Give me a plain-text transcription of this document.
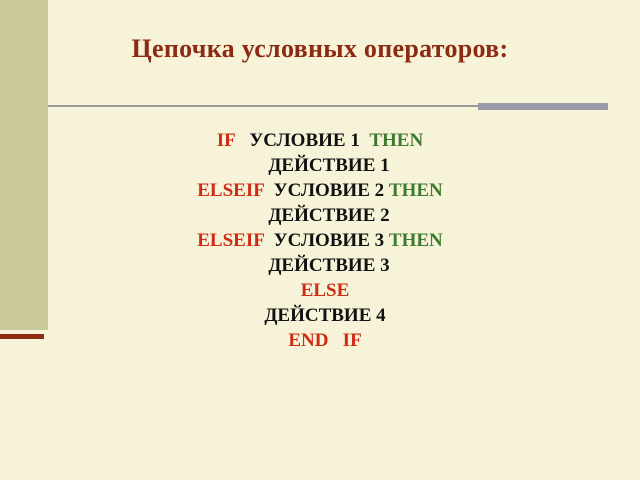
Цепочка условных операторов:
IF   УСЛОВИЕ 1  THEN
ДЕЙСТВИЕ 1
ELSEIF  УСЛОВИЕ 2 THEN
ДЕЙСТВИЕ 2
ELSEIF  УСЛОВИЕ 3 THEN
ДЕЙСТВИЕ 3
ELSE
ДЕЙСТВИЕ 4
END   IF
